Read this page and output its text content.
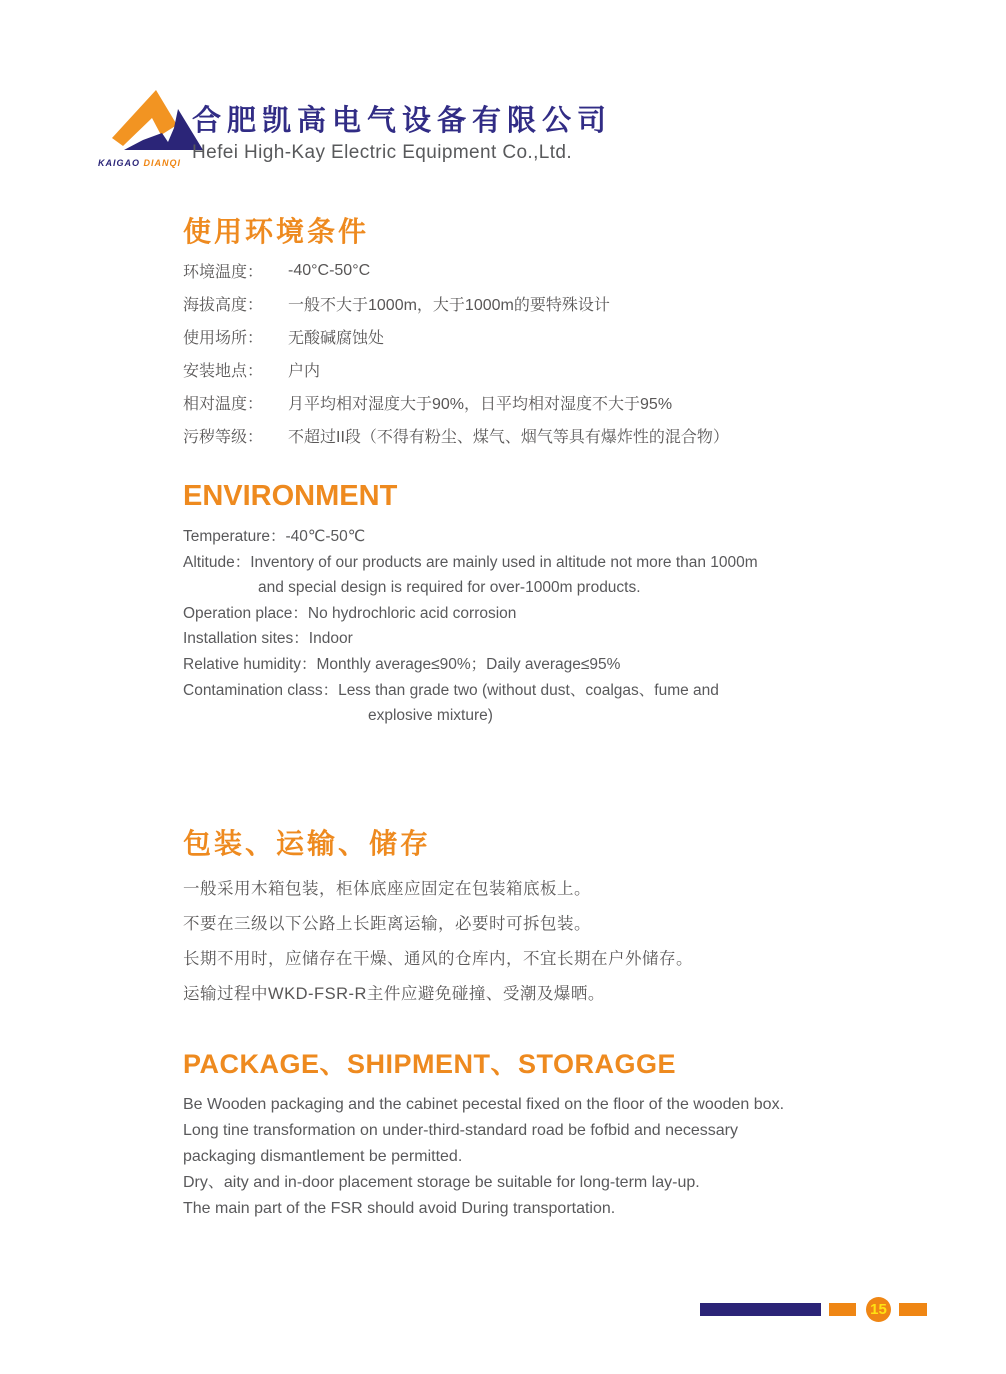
KAIGAO DIANQI
合肥凯高电气设备有限公司
Hefei High-Kay Electric Equipment Co.,Ltd.
使用环境条件
环境温度：	-40°C-50°C
海拔高度：	一般不大于1000m，大于1000m的要特殊设计
使用场所：	无酸碱腐蚀处
安装地点：	户内
相对温度：	月平均相对湿度大于90%，日平均相对湿度不大于95%
污秽等级：	不超过II段（不得有粉尘、煤气、烟气等具有爆炸性的混合物）
ENVIRONMENT
Temperature：-40℃-50℃
Altitude：Inventory of our products are mainly used in altitude not more than 1000m
and special design is required for over-1000m products.
Operation place：No hydrochloric acid corrosion
Installation sites：Indoor
Relative humidity：Monthly average≤90%；Daily average≤95%
Contamination class：Less than grade two (without dust、coalgas、fume and
explosive mixture)
包装、运输、储存
一般采用木箱包装，柜体底座应固定在包装箱底板上。
不要在三级以下公路上长距离运输，必要时可拆包装。
长期不用时，应储存在干燥、通风的仓库内，不宜长期在户外储存。
运输过程中WKD-FSR-R主件应避免碰撞、受潮及爆晒。
PACKAGE、SHIPMENT、STORAGGE
Be Wooden packaging and the cabinet pecestal fixed on the floor of the wooden box.
Long tine transformation on under-third-standard road be fofbid and necessary
packaging dismantlement be permitted.
Dry、aity and in-door placement storage be suitable for long-term lay-up.
The main part of the FSR should avoid During transportation.
15
